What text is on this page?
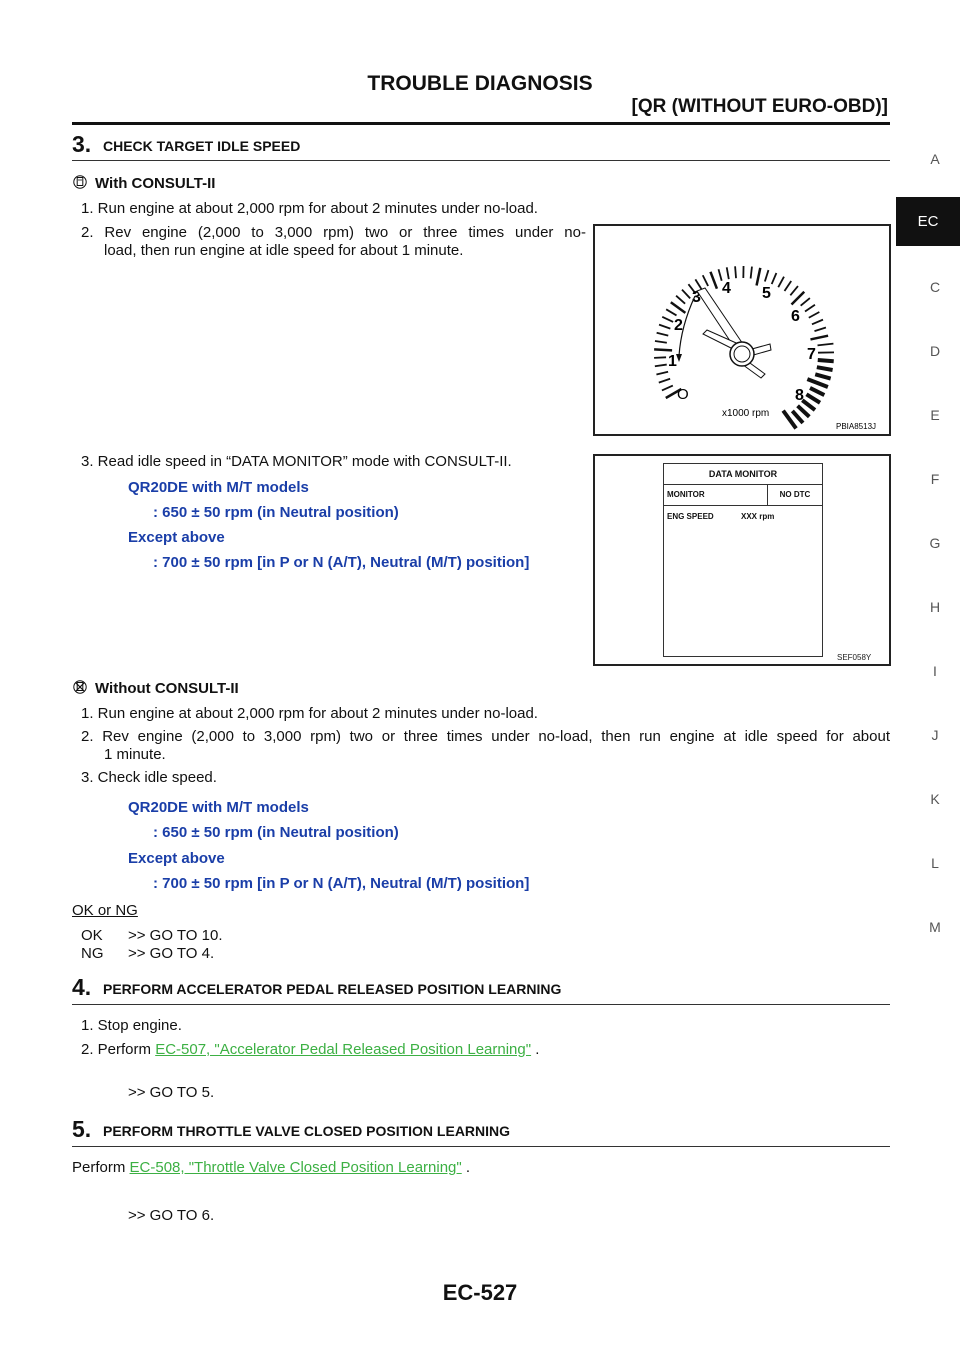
TROUBLE DIAGNOSIS
[QR (WITHOUT EURO-OBD)]
A
EC
C
D
E
F
G
H
I
J
K
L
M
3. CHECK TARGET IDLE SPEED
With CONSULT-II
1. Run engine at about 2,000 rpm for about 2 minutes under no-load.
2. Rev engine (2,000 to 3,000 rpm) two or three times under no-
load, then run engine at idle speed for about 1 minute.
3. Read idle speed in “DATA MONITOR” mode with CONSULT-II.
QR20DE with M/T models
: 650 ± 50 rpm (in Neutral position)
Except above
: 700 ± 50 rpm [in P or N (A/T), Neutral (M/T) position]
4 5
3
6
2
1	7
O	8
x1000 rpm
PBIA8513J
DATA MONITOR
MONITOR	NO DTC
ENG SPEED	XXX rpm
SEF058Y
Without CONSULT-II
1. Run engine at about 2,000 rpm for about 2 minutes under no-load.
2. Rev engine (2,000 to 3,000 rpm) two or three times under no-load, then run engine at idle speed for about
1 minute.
3. Check idle speed.
QR20DE with M/T models
: 650 ± 50 rpm (in Neutral position)
Except above
: 700 ± 50 rpm [in P or N (A/T), Neutral (M/T) position]
OK or NG
OK >> GO TO 10.
NG >> GO TO 4.
4. PERFORM ACCELERATOR PEDAL RELEASED POSITION LEARNING
1. Stop engine.
2. Perform EC-507, "Accelerator Pedal Released Position Learning" .
>> GO TO 5.
5. PERFORM THROTTLE VALVE CLOSED POSITION LEARNING
Perform EC-508, "Throttle Valve Closed Position Learning" .
>> GO TO 6.
EC-527
